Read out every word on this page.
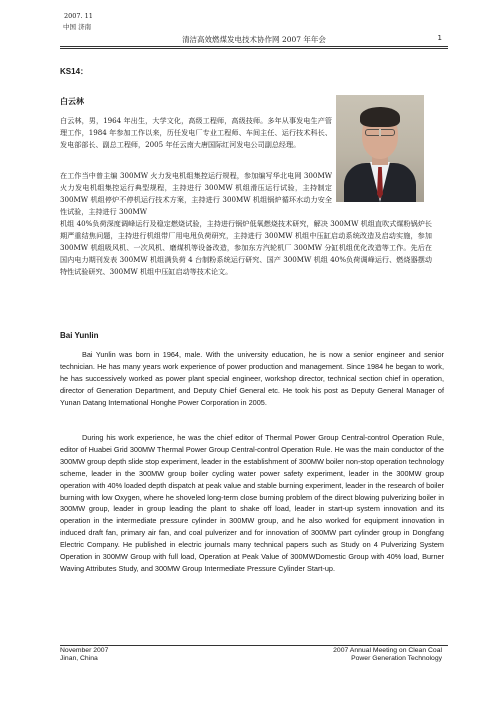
2007. 11
中国 济南
清洁高效燃煤发电技术协作网 2007 年年会	1
KS14：
白云林

白云林，男，1964 年出生，大学文化，高级工程师，高级技师。多年从事发电生产管理工作，1984 年参加工作以来，历任发电厂专业工程师、车间主任、运行技术科长、发电部部长、副总工程师，2005 年任云南大唐国际红河发电公司副总经理。

在工作当中曾主编 300MW 火力发电机组集控运行规程，参加编写华北电网 300MW 火力发电机组集控运行典型规程，主持进行 300MW 机组滑压运行试验，主持制定 300MW 机组停炉不停机运行技术方案，主持进行 300MW 机组锅炉循环水动力安全性试验，主持进行 300MW

机组 40%负荷深度调峰运行及稳定燃烧试验，主持进行锅炉低氧燃烧技术研究，解决 300MW 机组直吹式煤粉锅炉长期严重结焦问题，主持进行机组带厂用电甩负荷研究，主持进行 300MW 机组中压缸启动系统改造及启动实施，参加 300MW 机组吸风机、一次风机、磨煤机等设备改造，参加东方汽轮机厂 300MW 分缸机组优化改造等工作。先后在国内电力期刊发表 300MW 机组满负荷 4 台制粉系统运行研究、国产 300MW 机组 40%负荷调峰运行、燃烧器摆动特性试验研究、300MW 机组中压缸启动等技术论文。

Bai Yunlin

Bai Yunlin was born in 1964, male. With the university education, he is now a senior engineer and senior technician. He has many years work experience of power production and management. Since 1984 he began to work, he has successively worked as power plant special engineer, workshop director, technical section chief in operation, director of Generation Department, and Deputy Chief General etc. He took his post as Deputy General Manager of Yunan Datang International Honghe Power Corporation in 2005.

During his work experience, he was the chief editor of Thermal Power Group Central-control Operation Rule, editor of Huabei Grid 300MW Thermal Power Group Central-control Operation Rule. He was the main conductor of the 300MW group depth slide stop experiment, leader in the establishment of 300MW boiler non-stop operation technology scheme, leader in the 300MW group boiler cycling water power safety experiment, leader in the 300MW group operation with 40% loaded depth dispatch at peak value and stable burning experiment, leader in the research of boiler burning with low Oxygen, where he shoveled long-term close burning problem of the direct blowing pulverizing boiler in 300MW group, leader in group leading the plant to shake off load, leader in start-up system innovation and its operation in the intermediate pressure cylinder in 300MW group, and he also worked for equipment innovation in induced draft fan, primary air fan, and coal pulverizer and for innovation of 300MW part cylinder group in Dongfang Electric Company. He published in electric journals many technical papers such as Study on 4 Pulverizing System Operation in 300MW Group with full load, Operation at Peak Value of 300MWDomestic Group with 40% load, Burner Waving Attributes Study, and 300MW Group Intermediate Pressure Cylinder Start-up.

November 2007
Jinan, China
2007 Annual Meeting on Clean Coal
Power Generation Technology
